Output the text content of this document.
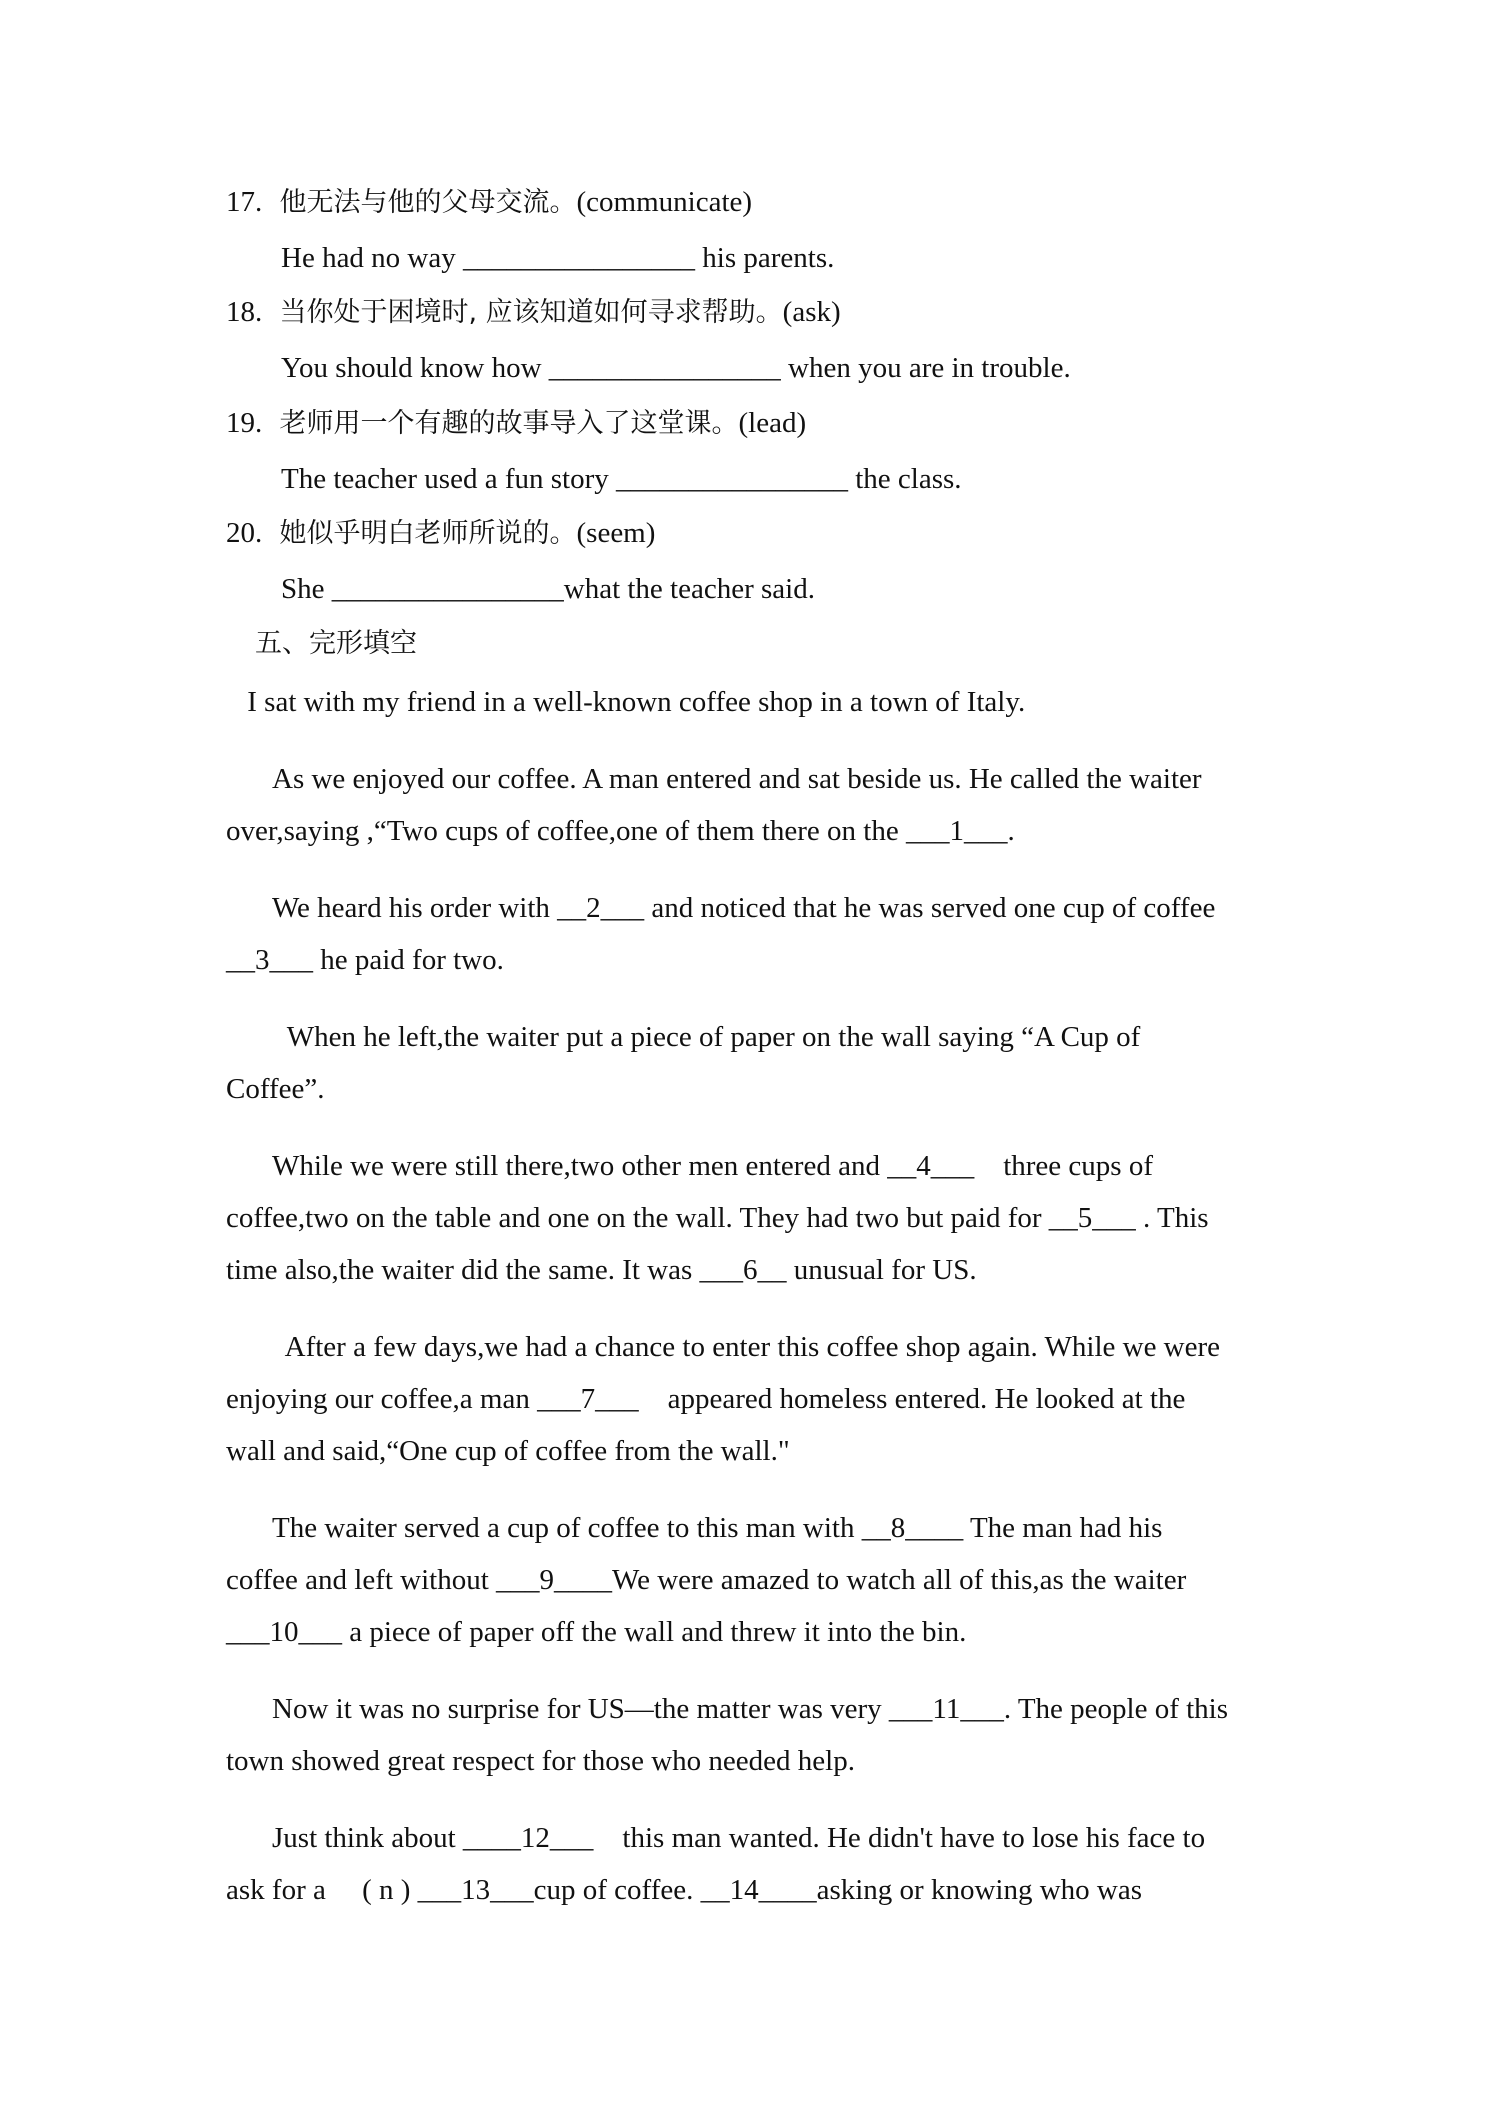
17. 他无法与他的父母交流。(communicate)
He had no way ________________ his parents.
18. 当你处于困境时, 应该知道如何寻求帮助。(ask)
You should know how ________________ when you are in trouble.
19. 老师用一个有趣的故事导入了这堂课。(lead)
The teacher used a fun story ________________ the class.
20. 她似乎明白老师所说的。(seem)
She ________________what the teacher said.
五、完形填空
I sat with my friend in a well-known coffee shop in a town of Italy.
As we enjoyed our coffee. A man entered and sat beside us. He called the waiter
over,saying ,“Two cups of coffee,one of them there on the ___1___.
We heard his order with __2___ and noticed that he was served one cup of coffee
__3___ he paid for two.
When he left,the waiter put a piece of paper on the wall saying “A Cup of
Coffee”.
While we were still there,two other men entered and __4___    three cups of
coffee,two on the table and one on the wall. They had two but paid for __5___ . This
time also,the waiter did the same. It was ___6__ unusual for US.
After a few days,we had a chance to enter this coffee shop again. While we were
enjoying our coffee,a man ___7___    appeared homeless entered. He looked at the
wall and said,“One cup of coffee from the wall."
The waiter served a cup of coffee to this man with __8____ The man had his
coffee and left without ___9____We were amazed to watch all of this,as the waiter
___10___ a piece of paper off the wall and threw it into the bin.
Now it was no surprise for US—the matter was very ___11___. The people of this
town showed great respect for those who needed help.
Just think about ____12___    this man wanted. He didn't have to lose his face to
ask for a     ( n ) ___13___cup of coffee. __14____asking or knowing who was
